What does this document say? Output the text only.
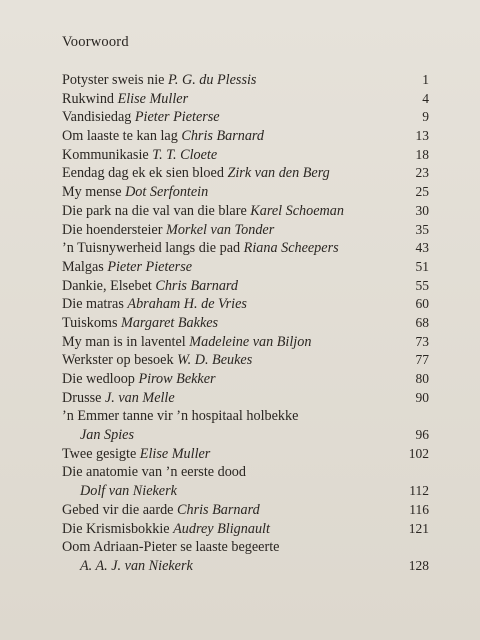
Voorwoord
Potyster sweis nie P. G. du Plessis	1
Rukwind Elise Muller	4
Vandisiedag Pieter Pieterse	9
Om laaste te kan lag Chris Barnard	13
Kommunikasie T. T. Cloete	18
Eendag dag ek ek sien bloed Zirk van den Berg	23
My mense Dot Serfontein	25
Die park na die val van die blare Karel Schoeman	30
Die hoendersteier Morkel van Tonder	35
’n Tuisnywerheid langs die pad Riana Scheepers	43
Malgas Pieter Pieterse	51
Dankie, Elsebet Chris Barnard	55
Die matras Abraham H. de Vries	60
Tuiskoms Margaret Bakkes	68
My man is in laventel Madeleine van Biljon	73
Werkster op besoek W. D. Beukes	77
Die wedloop Pirow Bekker	80
Drusse J. van Melle	90
’n Emmer tanne vir ’n hospitaal holbekke
Jan Spies	96
Twee gesigte Elise Muller	102
Die anatomie van ’n eerste dood
Dolf van Niekerk	112
Gebed vir die aarde Chris Barnard	116
Die Krismisbokkie Audrey Blignault	121
Oom Adriaan-Pieter se laaste begeerte
A. A. J. van Niekerk	128
